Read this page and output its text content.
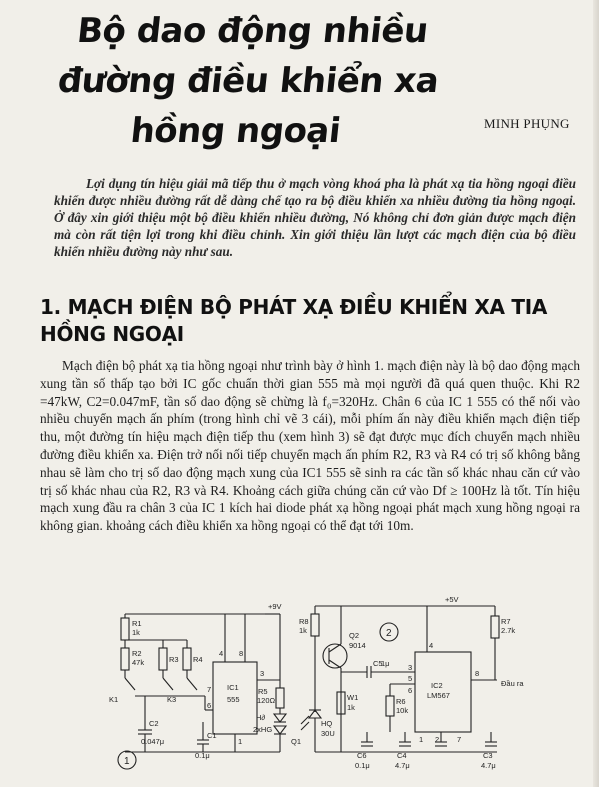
Bộ dao động nhiều
đường điều khiển xa
hồng ngoại	MINH PHỤNG

Lợi dụng tín hiệu giải mã tiếp thu ở mạch vòng khoá pha là phát xạ tia hồng ngoại điều khiển được nhiều đường rất dễ dàng chế tạo ra bộ điều khiển xa nhiều đường tia hồng ngoại. Ở đây xin giới thiệu một bộ điều khiển nhiều đường, Nó không chỉ đơn giản được mạch điện mà còn rất tiện lợi trong khi điều chỉnh. Xin giới thiệu lần lượt các mạch điện của bộ điều khiển nhiều đường này như sau.

1. MẠCH ĐIỆN BỘ PHÁT XẠ ĐIỀU KHIỂN XA TIA HỒNG NGOẠI

Mạch điện bộ phát xạ tia hồng ngoại như trình bày ở hình 1. mạch điện này là bộ dao động mạch xung tần số thấp tạo bởi IC gốc chuẩn thời gian 555 mà mọi người đã quá quen thuộc. Khi R2 =47kW, C2=0.047mF, tần số dao động sẽ chừng là f₀=320Hz. Chân 6 của IC 1 555 có thể nối vào nhiều chuyển mạch ấn phím (trong hình chỉ vẽ 3 cái), mỗi phím ấn này điều khiển mạch điện tiếp thu, một đường tín hiệu mạch điện tiếp thu (xem hình 3) sẽ đạt được mục đích chuyển mạch nhiều đường điều khiển xa. Điện trở nối nối tiếp chuyển mạch ấn phím R2, R3 và R4 có trị số không bằng nhau sẽ làm cho trị số dao động mạch xung của IC1 555 sẽ sinh ra các tần số khác nhau căn cứ vào trị số khác nhau của R2, R3 và R4. Khoảng cách giữa chúng căn cứ vào Df ≥ 100Hz là tốt. Tín hiệu mạch xung đầu ra chân 3 của IC 1 kích hai diode phát xạ hồng ngoại phát mạch xung hồng ngoại ra không gian. khoảng cách điều khiển xa hồng ngoại có thể đạt tới 10m.

+9V
R1
1k
R2
47k	R3 R4
K1	K3
C2
0.047μ
IC1
555
4 8
3
7
6
1
C1
0.1μ
R5
120Ω
H∂
2xHG
1
+5V
R8
1k
Q2
9014
C5
1μ
W1
1k
R6
10k
IC2
LM567
4
3
5
6
8
1 2 7
R7
2.7k
Đầu ra
HQ
30U
Q1
C6
0.1μ
C4
4.7μ
C3
4.7μ
2
